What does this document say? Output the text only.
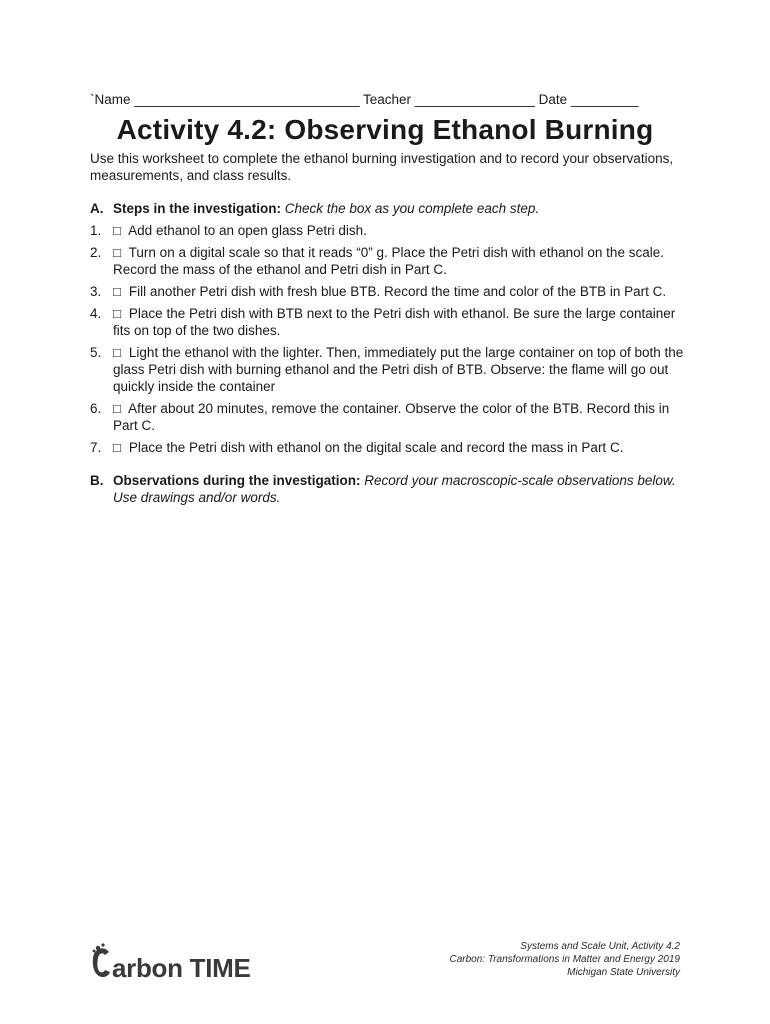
`Name ______________________________ Teacher ________________ Date _________
Activity 4.2: Observing Ethanol Burning
Use this worksheet to complete the ethanol burning investigation and to record your observations, measurements, and class results.
A. Steps in the investigation: Check the box as you complete each step.
1. □ Add ethanol to an open glass Petri dish.
2. □ Turn on a digital scale so that it reads “0” g. Place the Petri dish with ethanol on the scale. Record the mass of the ethanol and Petri dish in Part C.
3. □ Fill another Petri dish with fresh blue BTB. Record the time and color of the BTB in Part C.
4. □ Place the Petri dish with BTB next to the Petri dish with ethanol. Be sure the large container fits on top of the two dishes.
5. □ Light the ethanol with the lighter. Then, immediately put the large container on top of both the glass Petri dish with burning ethanol and the Petri dish of BTB. Observe: the flame will go out quickly inside the container
6. □ After about 20 minutes, remove the container. Observe the color of the BTB. Record this in Part C.
7. □ Place the Petri dish with ethanol on the digital scale and record the mass in Part C.
B. Observations during the investigation: Record your macroscopic-scale observations below. Use drawings and/or words.
arbon TIME
Systems and Scale Unit, Activity 4.2
Carbon: Transformations in Matter and Energy 2019
Michigan State University
